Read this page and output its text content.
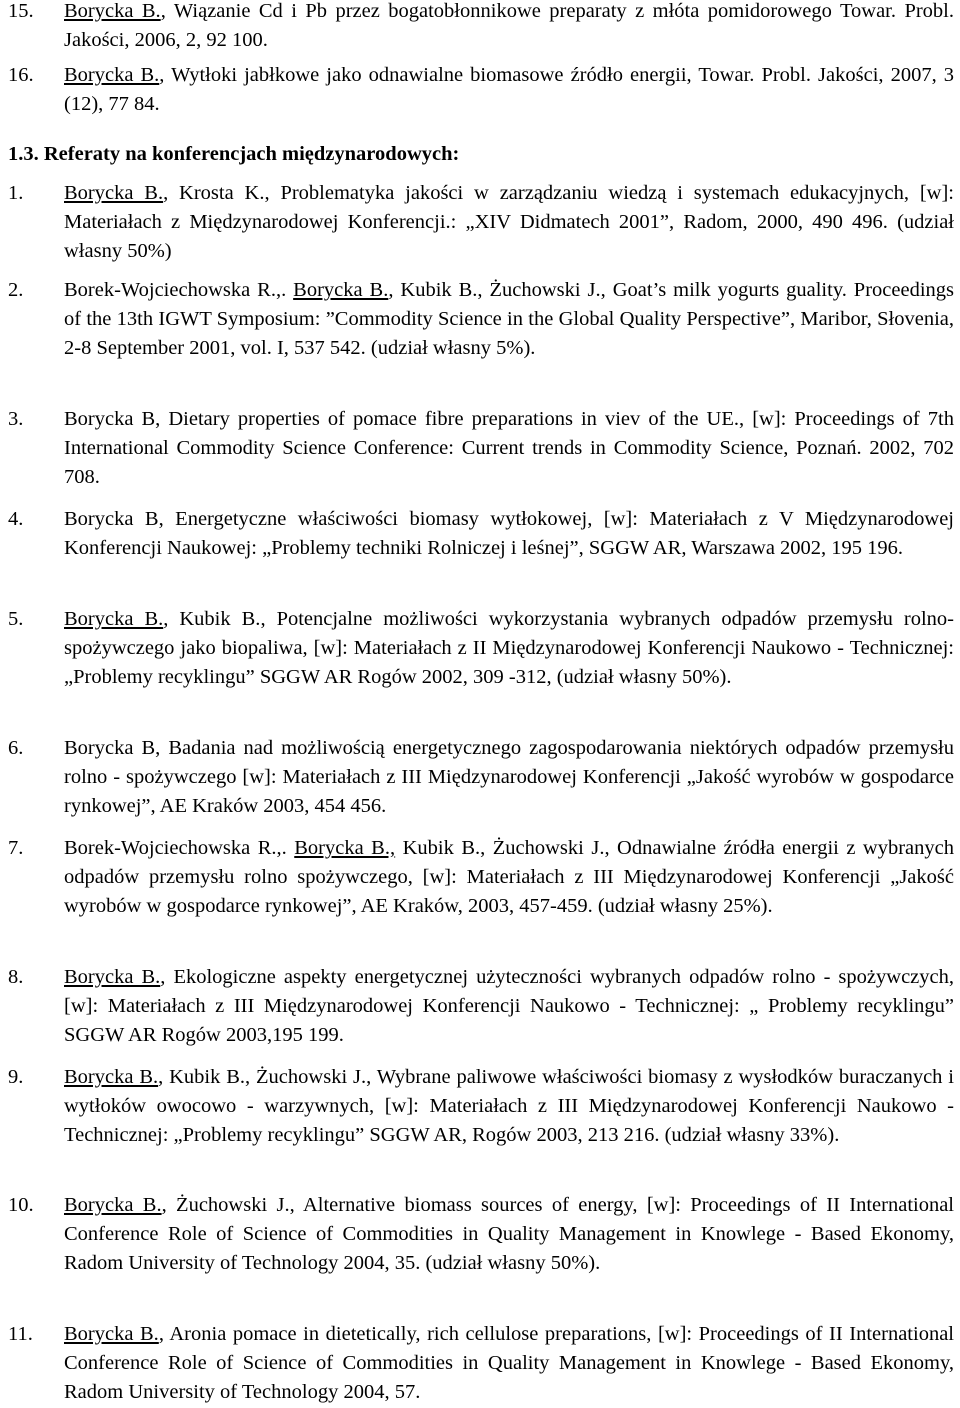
15.	Borycka B., Wiązanie Cd i Pb przez bogatobłonnikowe preparaty z młóta pomidorowego Towar. Probl. Jakości, 2006, 2, 92 100.
16.	Borycka B., Wytłoki jabłkowe jako odnawialne biomasowe źródło energii, Towar. Probl. Jakości, 2007, 3 (12), 77 84.
1.3. Referaty na konferencjach międzynarodowych:
1.	Borycka B., Krosta K., Problematyka jakości w zarządzaniu wiedzą i systemach edukacyjnych, [w]: Materiałach z Międzynarodowej Konferencji.: „XIV Didmatech 2001”, Radom, 2000, 490 496. (udział własny 50%)
2.	Borek-Wojciechowska R.,. Borycka B., Kubik B., Żuchowski J., Goat’s milk yogurts guality. Proceedings of the 13th IGWT Symposium: ”Commodity Science in the Global Quality Perspective”, Maribor, Słovenia, 2-8 September 2001, vol. I, 537 542. (udział własny 5%).
3.	Borycka B, Dietary properties of pomace fibre preparations in viev of the UE., [w]: Proceedings of 7th International Commodity Science Conference: Current trends in Commodity Science, Poznań. 2002, 702 708.
4.	Borycka B, Energetyczne właściwości biomasy wytłokowej, [w]: Materiałach z V Międzynarodowej Konferencji Naukowej: „Problemy techniki Rolniczej i leśnej”, SGGW AR, Warszawa 2002, 195 196.
5.	Borycka B., Kubik B., Potencjalne możliwości wykorzystania wybranych odpadów przemysłu rolno- spożywczego jako biopaliwa, [w]: Materiałach z II Międzynarodowej Konferencji Naukowo - Technicznej: „Problemy recyklingu” SGGW AR Rogów 2002, 309 -312, (udział własny 50%).
6.	Borycka B, Badania nad możliwością energetycznego zagospodarowania niektórych odpadów przemysłu rolno - spożywczego [w]: Materiałach z III Międzynarodowej Konferencji „Jakość wyrobów w gospodarce rynkowej”, AE Kraków 2003, 454 456.
7.	Borek-Wojciechowska R.,. Borycka B., Kubik B., Żuchowski J., Odnawialne źródła energii z wybranych odpadów przemysłu rolno spożywczego, [w]: Materiałach z III Międzynarodowej Konferencji „Jakość wyrobów w gospodarce rynkowej”, AE Kraków, 2003, 457-459. (udział własny 25%).
8.	Borycka B., Ekologiczne aspekty energetycznej użyteczności wybranych odpadów rolno - spożywczych, [w]: Materiałach z III Międzynarodowej Konferencji Naukowo - Technicznej: „ Problemy recyklingu” SGGW AR Rogów 2003,195 199.
9.	Borycka B., Kubik B., Żuchowski J., Wybrane paliwowe właściwości biomasy z wysłodków buraczanych i wytłoków owocowo - warzywnych, [w]: Materiałach z III Międzynarodowej Konferencji Naukowo - Technicznej: „Problemy recyklingu” SGGW AR, Rogów 2003, 213 216. (udział własny 33%).
10.	Borycka B., Żuchowski J., Alternative biomass sources of energy, [w]: Proceedings of II International Conference Role of Science of Commodities in Quality Management in Knowlege - Based Ekonomy, Radom University of Technology 2004, 35. (udział własny 50%).
11.	Borycka B., Aronia pomace in dietetically, rich cellulose preparations, [w]: Proceedings of II International Conference Role of Science of Commodities in Quality Management in Knowlege - Based Ekonomy, Radom University of Technology 2004, 57.
